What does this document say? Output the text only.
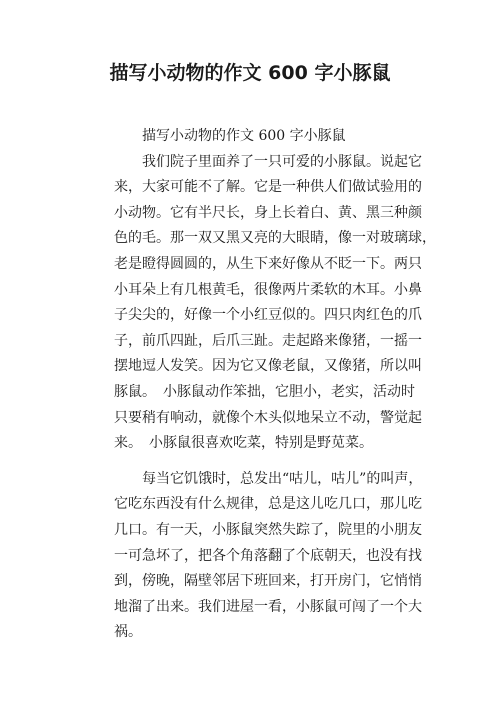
描写小动物的作文 600 字小豚鼠
描写小动物的作文 600 字小豚鼠
我们院子里面养了一只可爱的小豚鼠。说起它
来，大家可能不了解。它是一种供人们做试验用的
小动物。它有半尺长，身上长着白、黄、黑三种颜
色的毛。那一双又黑又亮的大眼睛，像一对玻璃球，
老是瞪得圆圆的，从生下来好像从不眨一下。两只
小耳朵上有几根黄毛，很像两片柔软的木耳。小鼻
子尖尖的，好像一个小红豆似的。四只肉红色的爪
子，前爪四趾，后爪三趾。走起路来像猪，一摇一
摆地逗人发笑。因为它又像老鼠，又像猪，所以叫
豚鼠。　小豚鼠动作笨拙，它胆小，老实，活动时
只要稍有响动，就像个木头似地呆立不动，警觉起
来。　小豚鼠很喜欢吃菜，特别是野苋菜。
每当它饥饿时，总发出“咕儿，咕儿”的叫声，
它吃东西没有什么规律，总是这儿吃几口，那儿吃
几口。有一天，小豚鼠突然失踪了，院里的小朋友
一可急坏了，把各个角落翻了个底朝天，也没有找
到，傍晚，隔壁邻居下班回来，打开房门，它悄悄
地溜了出来。我们进屋一看，小豚鼠可闯了一个大
祸。
